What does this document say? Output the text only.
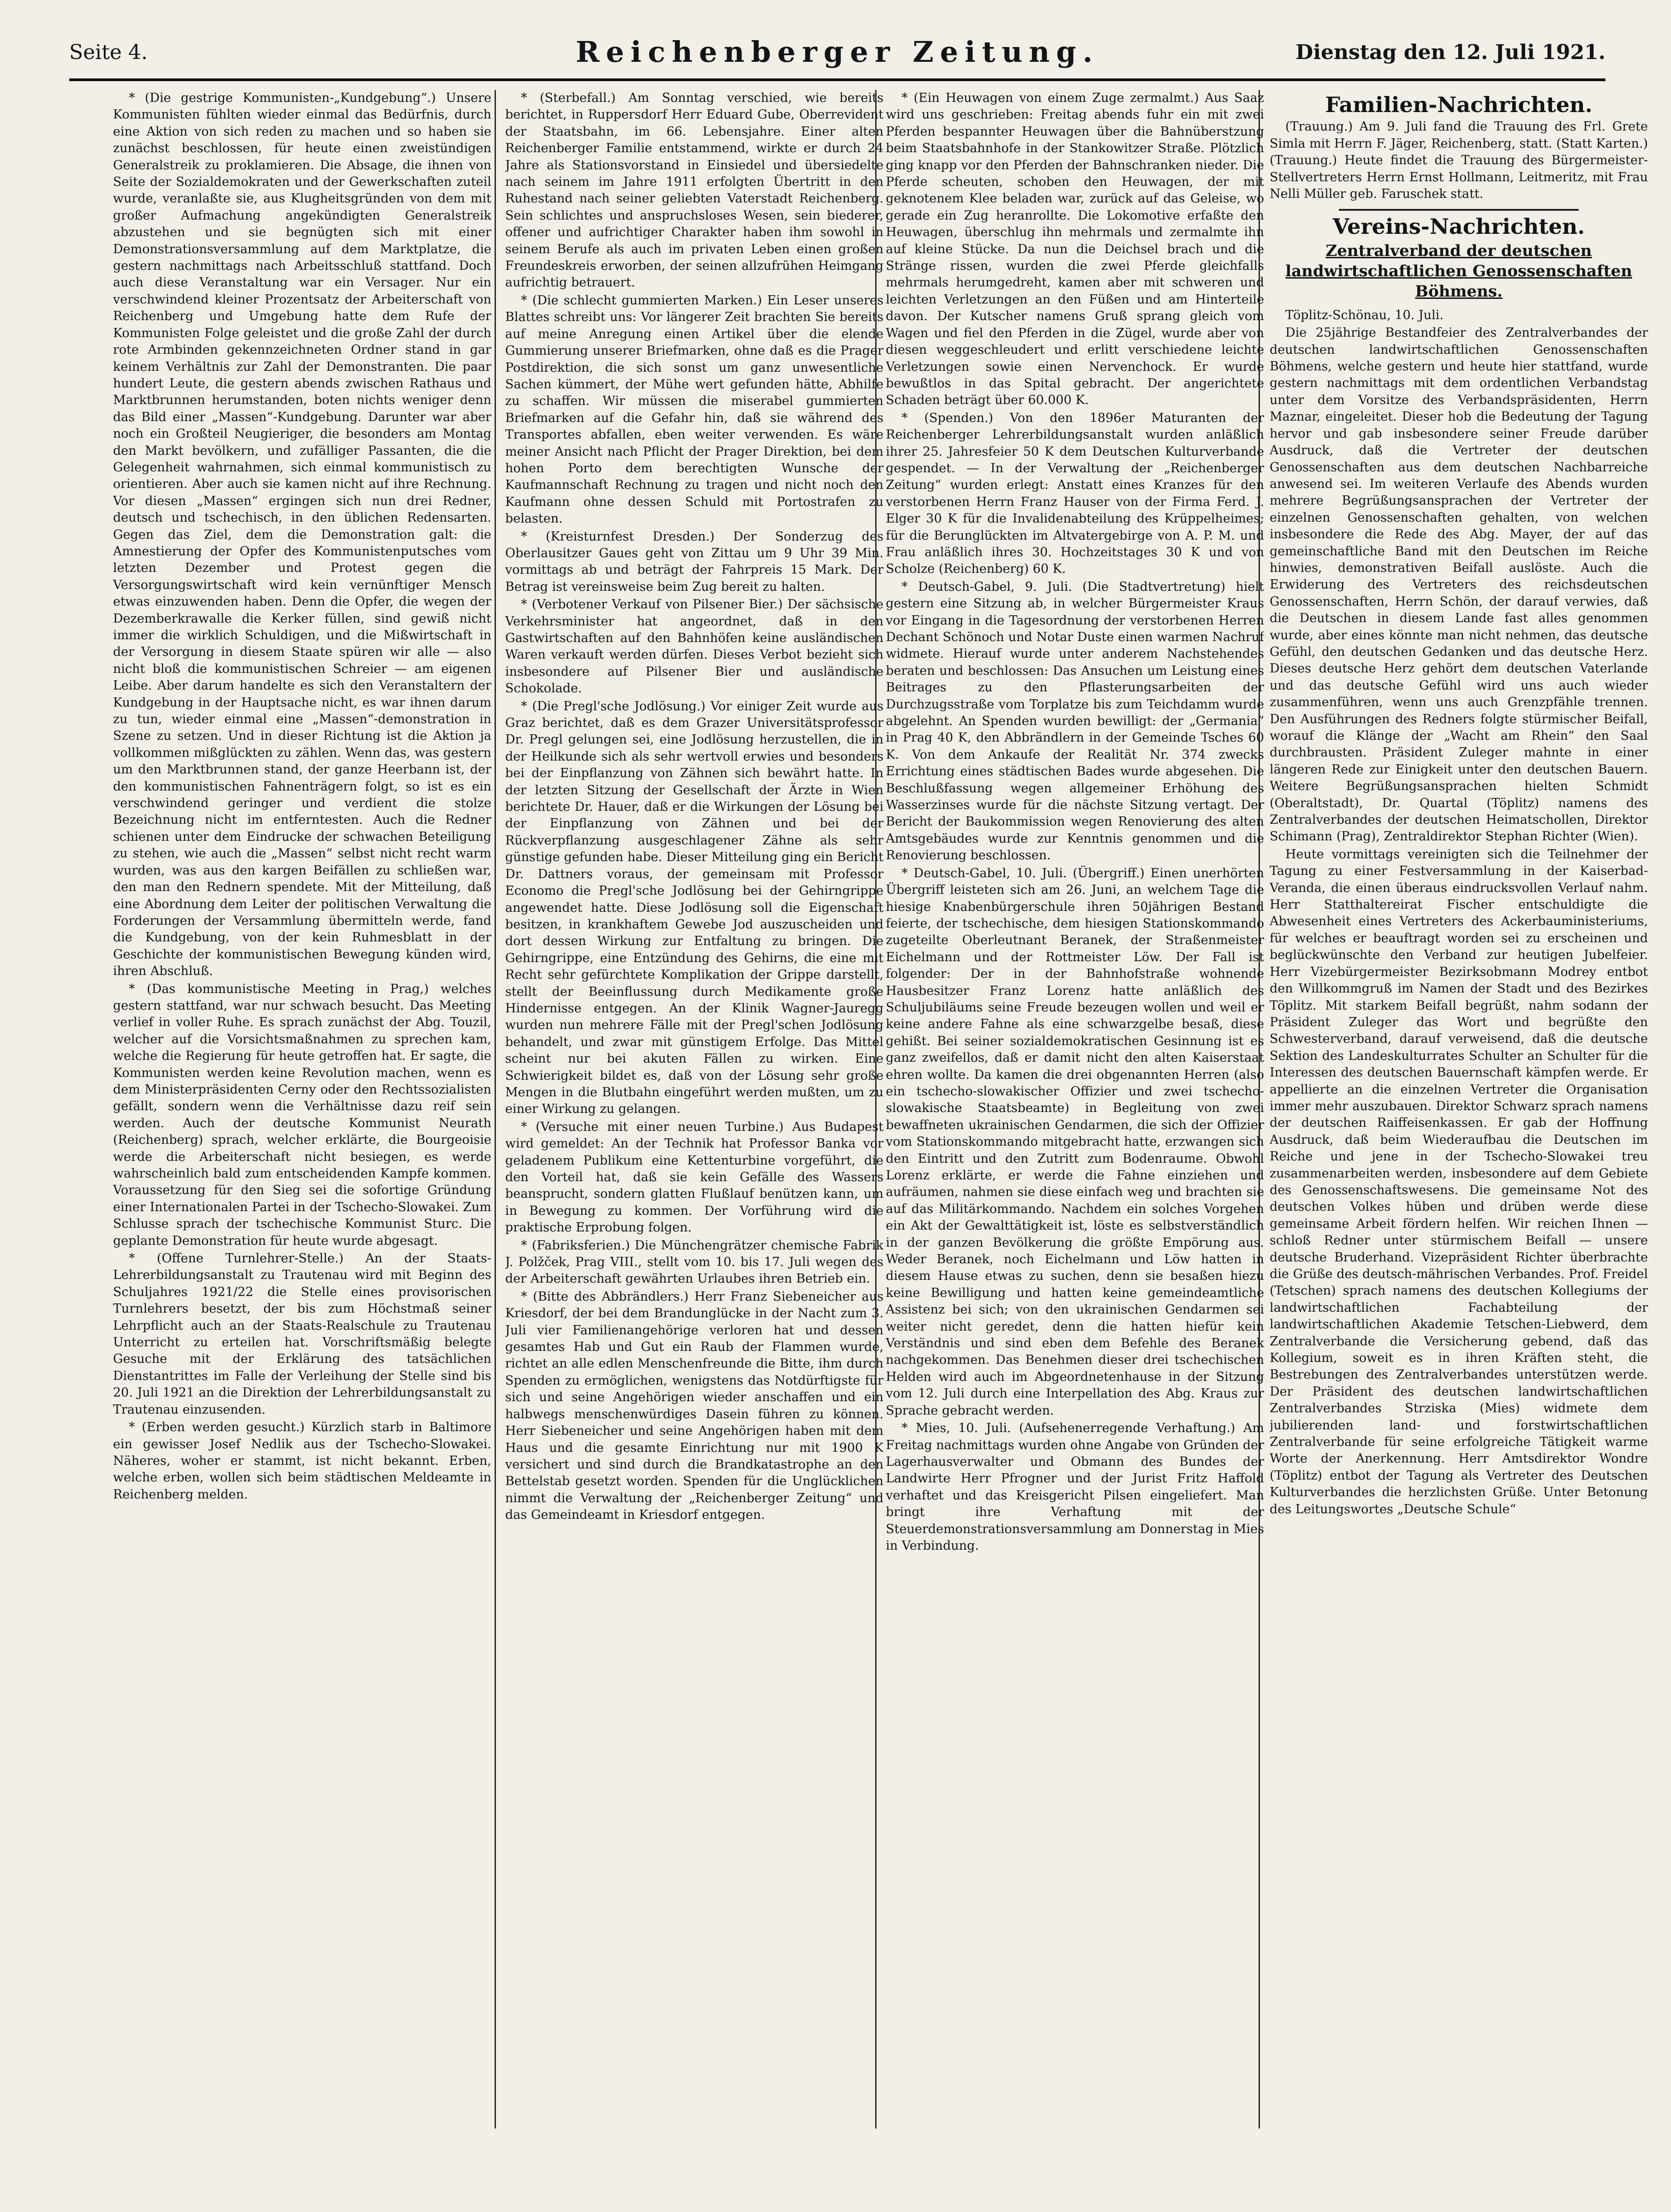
Seite 4.	Reichenberger Zeitung.	Dienstag den 12. Juli 1921.

* (Die gestrige Kommunisten-„Kundgebung“.) Unsere Kommunisten fühlten wieder einmal das Bedürfnis, durch eine Aktion von sich reden zu machen und so haben sie zunächst beschlossen, für heute einen zweistündigen Generalstreik zu proklamieren. Die Absage, die ihnen von Seite der Sozialdemokraten und der Gewerkschaften zuteil wurde, veranlaßte sie, aus Klugheitsgründen von dem mit großer Aufmachung angekündigten Generalstreik abzustehen und sie begnügten sich mit einer Demonstrationsversammlung auf dem Marktplatze, die gestern nachmittags nach Arbeitsschluß stattfand. Doch auch diese Veranstaltung war ein Versager. Nur ein verschwindend kleiner Prozentsatz der Arbeiterschaft von Reichenberg und Umgebung hatte dem Rufe der Kommunisten Folge geleistet und die große Zahl der durch rote Armbinden gekennzeichneten Ordner stand in gar keinem Verhältnis zur Zahl der Demonstranten. Die paar hundert Leute, die gestern abends zwischen Rathaus und Marktbrunnen herumstanden, boten nichts weniger denn das Bild einer „Massen“-Kundgebung. Darunter war aber noch ein Großteil Neugieriger, die besonders am Montag den Markt bevölkern, und zufälliger Passanten, die die Gelegenheit wahrnahmen, sich einmal kommunistisch zu orientieren. Aber auch sie kamen nicht auf ihre Rechnung. Vor diesen „Massen“ ergingen sich nun drei Redner, deutsch und tschechisch, in den üblichen Redensarten. Gegen das Ziel, dem die Demonstration galt: die Amnestierung der Opfer des Kommunistenputsches vom letzten Dezember und Protest gegen die Versorgungswirtschaft wird kein vernünftiger Mensch etwas einzuwenden haben. Denn die Opfer, die wegen der Dezemberkrawalle die Kerker füllen, sind gewiß nicht immer die wirklich Schuldigen, und die Mißwirtschaft in der Versorgung in diesem Staate spüren wir alle — also nicht bloß die kommunistischen Schreier — am eigenen Leibe. Aber darum handelte es sich den Veranstaltern der Kundgebung in der Hauptsache nicht, es war ihnen darum zu tun, wieder einmal eine „Massen“-demonstration in Szene zu setzen. Und in dieser Richtung ist die Aktion ja vollkommen mißglückten zu zählen. Wenn das, was gestern um den Marktbrunnen stand, der ganze Heerbann ist, der den kommunistischen Fahnenträgern folgt, so ist es ein verschwindend geringer und verdient die stolze Bezeichnung nicht im entferntesten. Auch die Redner schienen unter dem Eindrucke der schwachen Beteiligung zu stehen, wie auch die „Massen“ selbst nicht recht warm wurden, was aus den kargen Beifällen zu schließen war, den man den Rednern spendete. Mit der Mitteilung, daß eine Abordnung dem Leiter der politischen Verwaltung die Forderungen der Versammlung übermitteln werde, fand die Kundgebung, von der kein Ruhmesblatt in der Geschichte der kommunistischen Bewegung künden wird, ihren Abschluß.

* (Das kommunistische Meeting in Prag,) welches gestern stattfand, war nur schwach besucht. Das Meeting verlief in voller Ruhe. Es sprach zunächst der Abg. Touzil, welcher auf die Vorsichtsmaßnahmen zu sprechen kam, welche die Regierung für heute getroffen hat. Er sagte, die Kommunisten werden keine Revolution machen, wenn es dem Ministerpräsidenten Cerny oder den Rechtssozialisten gefällt, sondern wenn die Verhältnisse dazu reif sein werden. Auch der deutsche Kommunist Neurath (Reichenberg) sprach, welcher erklärte, die Bourgeoisie werde die Arbeiterschaft nicht besiegen, es werde wahrscheinlich bald zum entscheidenden Kampfe kommen. Voraussetzung für den Sieg sei die sofortige Gründung einer Internationalen Partei in der Tschecho-Slowakei. Zum Schlusse sprach der tschechische Kommunist Sturc. Die geplante Demonstration für heute wurde abgesagt.

* (Offene Turnlehrer-Stelle.) An der Staats-Lehrerbildungsanstalt zu Trautenau wird mit Beginn des Schuljahres 1921/22 die Stelle eines provisorischen Turnlehrers besetzt, der bis zum Höchstmaß seiner Lehrpflicht auch an der Staats-Realschule zu Trautenau Unterricht zu erteilen hat. Vorschriftsmäßig belegte Gesuche mit der Erklärung des tatsächlichen Dienstantrittes im Falle der Verleihung der Stelle sind bis 20. Juli 1921 an die Direktion der Lehrerbildungsanstalt zu Trautenau einzusenden.

* (Erben werden gesucht.) Kürzlich starb in Baltimore ein gewisser Josef Nedlik aus der Tschecho-Slowakei. Näheres, woher er stammt, ist nicht bekannt. Erben, welche erben, wollen sich beim städtischen Meldeamte in Reichenberg melden.

* (Sterbefall.) Am Sonntag verschied, wie bereits berichtet, in Ruppersdorf Herr Eduard Gube, Oberrevident der Staatsbahn, im 66. Lebensjahre. Einer alten Reichenberger Familie entstammend, wirkte er durch 24 Jahre als Stationsvorstand in Einsiedel und übersiedelte nach seinem im Jahre 1911 erfolgten Übertritt in den Ruhestand nach seiner geliebten Vaterstadt Reichenberg. Sein schlichtes und anspruchsloses Wesen, sein biederer, offener und aufrichtiger Charakter haben ihm sowohl in seinem Berufe als auch im privaten Leben einen großen Freundeskreis erworben, der seinen allzufrühen Heimgang aufrichtig betrauert.

* (Die schlecht gummierten Marken.) Ein Leser unseres Blattes schreibt uns: Vor längerer Zeit brachten Sie bereits auf meine Anregung einen Artikel über die elende Gummierung unserer Briefmarken, ohne daß es die Prager Postdirektion, die sich sonst um ganz unwesentliche Sachen kümmert, der Mühe wert gefunden hätte, Abhilfe zu schaffen. Wir müssen die miserabel gummierten Briefmarken auf die Gefahr hin, daß sie während des Transportes abfallen, eben weiter verwenden. Es wäre meiner Ansicht nach Pflicht der Prager Direktion, bei dem hohen Porto dem berechtigten Wunsche der Kaufmannschaft Rechnung zu tragen und nicht noch den Kaufmann ohne dessen Schuld mit Portostrafen zu belasten.

* (Kreisturnfest Dresden.) Der Sonderzug des Oberlausitzer Gaues geht von Zittau um 9 Uhr 39 Min. vormittags ab und beträgt der Fahrpreis 15 Mark. Der Betrag ist vereinsweise beim Zug bereit zu halten.

* (Verbotener Verkauf von Pilsener Bier.) Der sächsische Verkehrsminister hat angeordnet, daß in den Gastwirtschaften auf den Bahnhöfen keine ausländischen Waren verkauft werden dürfen. Dieses Verbot bezieht sich insbesondere auf Pilsener Bier und ausländische Schokolade.

* (Die Pregl'sche Jodlösung.) Vor einiger Zeit wurde aus Graz berichtet, daß es dem Grazer Universitätsprofessor Dr. Pregl gelungen sei, eine Jodlösung herzustellen, die in der Heilkunde sich als sehr wertvoll erwies und besonders bei der Einpflanzung von Zähnen sich bewährt hatte. In der letzten Sitzung der Gesellschaft der Ärzte in Wien berichtete Dr. Hauer, daß er die Wirkungen der Lösung bei der Einpflanzung von Zähnen und bei der Rückverpflanzung ausgeschlagener Zähne als sehr günstige gefunden habe. Dieser Mitteilung ging ein Bericht Dr. Dattners voraus, der gemeinsam mit Professor Economo die Pregl'sche Jodlösung bei der Gehirngrippe angewendet hatte. Diese Jodlösung soll die Eigenschaft besitzen, in krankhaftem Gewebe Jod auszuscheiden und dort dessen Wirkung zur Entfaltung zu bringen. Die Gehirngrippe, eine Entzündung des Gehirns, die eine mit Recht sehr gefürchtete Komplikation der Grippe darstellt, stellt der Beeinflussung durch Medikamente große Hindernisse entgegen. An der Klinik Wagner-Jauregg wurden nun mehrere Fälle mit der Pregl'schen Jodlösung behandelt, und zwar mit günstigem Erfolge. Das Mittel scheint nur bei akuten Fällen zu wirken. Eine Schwierigkeit bildet es, daß von der Lösung sehr große Mengen in die Blutbahn eingeführt werden mußten, um zu einer Wirkung zu gelangen.

* (Versuche mit einer neuen Turbine.) Aus Budapest wird gemeldet: An der Technik hat Professor Banka vor geladenem Publikum eine Kettenturbine vorgeführt, die den Vorteil hat, daß sie kein Gefälle des Wassers beansprucht, sondern glatten Flußlauf benützen kann, um in Bewegung zu kommen. Der Vorführung wird die praktische Erprobung folgen.

* (Fabriksferien.) Die Münchengrätzer chemische Fabrik J. Polžček, Prag VIII., stellt vom 10. bis 17. Juli wegen des der Arbeiterschaft gewährten Urlaubes ihren Betrieb ein.

* (Bitte des Abbrändlers.) Herr Franz Siebeneicher aus Kriesdorf, der bei dem Brandunglücke in der Nacht zum 3. Juli vier Familienangehörige verloren hat und dessen gesamtes Hab und Gut ein Raub der Flammen wurde, richtet an alle edlen Menschenfreunde die Bitte, ihm durch Spenden zu ermöglichen, wenigstens das Notdürftigste für sich und seine Angehörigen wieder anschaffen und ein halbwegs menschenwürdiges Dasein führen zu können. Herr Siebeneicher und seine Angehörigen haben mit dem Haus und die gesamte Einrichtung nur mit 1900 K versichert und sind durch die Brandkatastrophe an den Bettelstab gesetzt worden. Spenden für die Unglücklichen nimmt die Verwaltung der „Reichenberger Zeitung“ und das Gemeindeamt in Kriesdorf entgegen.

* (Ein Heuwagen von einem Zuge zermalmt.) Aus Saaz wird uns geschrieben: Freitag abends fuhr ein mit zwei Pferden bespannter Heuwagen über die Bahnüberstzung beim Staatsbahnhofe in der Stankowitzer Straße. Plötzlich ging knapp vor den Pferden der Bahnschranken nieder. Die Pferde scheuten, schoben den Heuwagen, der mit geknotenem Klee beladen war, zurück auf das Geleise, wo gerade ein Zug heranrollte. Die Lokomotive erfaßte den Heuwagen, überschlug ihn mehrmals und zermalmte ihn auf kleine Stücke. Da nun die Deichsel brach und die Stränge rissen, wurden die zwei Pferde gleichfalls mehrmals herumgedreht, kamen aber mit schweren und leichten Verletzungen an den Füßen und am Hinterteile davon. Der Kutscher namens Gruß sprang gleich vom Wagen und fiel den Pferden in die Zügel, wurde aber von diesen weggeschleudert und erlitt verschiedene leichte Verletzungen sowie einen Nervenchock. Er wurde bewußtlos in das Spital gebracht. Der angerichtete Schaden beträgt über 60.000 K.

* (Spenden.) Von den 1896er Maturanten der Reichenberger Lehrerbildungsanstalt wurden anläßlich ihrer 25. Jahresfeier 50 K dem Deutschen Kulturverbande gespendet. — In der Verwaltung der „Reichenberger Zeitung“ wurden erlegt: Anstatt eines Kranzes für den verstorbenen Herrn Franz Hauser von der Firma Ferd. J. Elger 30 K für die Invalidenabteilung des Krüppelheimes; für die Berunglückten im Altvatergebirge von A. P. M. und Frau anläßlich ihres 30. Hochzeitstages 30 K und von Scholze (Reichenberg) 60 K.

* Deutsch-Gabel, 9. Juli. (Die Stadtvertretung) hielt gestern eine Sitzung ab, in welcher Bürgermeister Kraus vor Eingang in die Tagesordnung der verstorbenen Herren Dechant Schönoch und Notar Duste einen warmen Nachruf widmete. Hierauf wurde unter anderem Nachstehendes beraten und beschlossen: Das Ansuchen um Leistung eines Beitrages zu den Pflasterungsarbeiten der Durchzugsstraße vom Torplatze bis zum Teichdamm wurde abgelehnt. An Spenden wurden bewilligt: der „Germania“ in Prag 40 K, den Abbrändlern in der Gemeinde Tsches 60 K. Von dem Ankaufe der Realität Nr. 374 zwecks Errichtung eines städtischen Bades wurde abgesehen. Die Beschlußfassung wegen allgemeiner Erhöhung des Wasserzinses wurde für die nächste Sitzung vertagt. Der Bericht der Baukommission wegen Renovierung des alten Amtsgebäudes wurde zur Kenntnis genommen und die Renovierung beschlossen.

* Deutsch-Gabel, 10. Juli. (Übergriff.) Einen unerhörten Übergriff leisteten sich am 26. Juni, an welchem Tage die hiesige Knabenbürgerschule ihren 50jährigen Bestand feierte, der tschechische, dem hiesigen Stationskommando zugeteilte Oberleutnant Beranek, der Straßenmeister Eichelmann und der Rottmeister Löw. Der Fall ist folgender: Der in der Bahnhofstraße wohnende Hausbesitzer Franz Lorenz hatte anläßlich des Schuljubiläums seine Freude bezeugen wollen und weil er keine andere Fahne als eine schwarzgelbe besaß, diese gehißt. Bei seiner sozialdemokratischen Gesinnung ist es ganz zweifellos, daß er damit nicht den alten Kaiserstaat ehren wollte. Da kamen die drei obgenannten Herren (also ein tschecho-slowakischer Offizier und zwei tschecho-slowakische Staatsbeamte) in Begleitung von zwei bewaffneten ukrainischen Gendarmen, die sich der Offizier vom Stationskommando mitgebracht hatte, erzwangen sich den Eintritt und den Zutritt zum Bodenraume. Obwohl Lorenz erklärte, er werde die Fahne einziehen und aufräumen, nahmen sie diese einfach weg und brachten sie auf das Militärkommando. Nachdem ein solches Vorgehen ein Akt der Gewalttätigkeit ist, löste es selbstverständlich in der ganzen Bevölkerung die größte Empörung aus. Weder Beranek, noch Eichelmann und Löw hatten in diesem Hause etwas zu suchen, denn sie besaßen hiezu keine Bewilligung und hatten keine gemeindeamtliche Assistenz bei sich; von den ukrainischen Gendarmen sei weiter nicht geredet, denn die hatten hiefür kein Verständnis und sind eben dem Befehle des Beranek nachgekommen. Das Benehmen dieser drei tschechischen Helden wird auch im Abgeordnetenhause in der Sitzung vom 12. Juli durch eine Interpellation des Abg. Kraus zur Sprache gebracht werden.

* Mies, 10. Juli. (Aufsehenerregende Verhaftung.) Am Freitag nachmittags wurden ohne Angabe von Gründen der Lagerhausverwalter und Obmann des Bundes der Landwirte Herr Pfrogner und der Jurist Fritz Haffold verhaftet und das Kreisgericht Pilsen eingeliefert. Man bringt ihre Verhaftung mit der Steuerdemonstrationsversammlung am Donnerstag in Mies in Verbindung.

Familien-Nachrichten.

(Trauung.) Am 9. Juli fand die Trauung des Frl. Grete Simla mit Herrn F. Jäger, Reichenberg, statt. (Statt Karten.) (Trauung.) Heute findet die Trauung des Bürgermeister-Stellvertreters Herrn Ernst Hollmann, Leitmeritz, mit Frau Nelli Müller geb. Faruschek statt.

Vereins-Nachrichten.
Zentralverband der deutschen landwirtschaftlichen Genossenschaften Böhmens.

Töplitz-Schönau, 10. Juli.

Die 25jährige Bestandfeier des Zentralverbandes der deutschen landwirtschaftlichen Genossenschaften Böhmens, welche gestern und heute hier stattfand, wurde gestern nachmittags mit dem ordentlichen Verbandstag unter dem Vorsitze des Verbandspräsidenten, Herrn Maznar, eingeleitet. Dieser hob die Bedeutung der Tagung hervor und gab insbesondere seiner Freude darüber Ausdruck, daß die Vertreter der deutschen Genossenschaften aus dem deutschen Nachbarreiche anwesend sei. Im weiteren Verlaufe des Abends wurden mehrere Begrüßungsansprachen der Vertreter der einzelnen Genossenschaften gehalten, von welchen insbesondere die Rede des Abg. Mayer, der auf das gemeinschaftliche Band mit den Deutschen im Reiche hinwies, demonstrativen Beifall auslöste. Auch die Erwiderung des Vertreters des reichsdeutschen Genossenschaften, Herrn Schön, der darauf verwies, daß die Deutschen in diesem Lande fast alles genommen wurde, aber eines könnte man nicht nehmen, das deutsche Gefühl, den deutschen Gedanken und das deutsche Herz. Dieses deutsche Herz gehört dem deutschen Vaterlande und das deutsche Gefühl wird uns auch wieder zusammenführen, wenn uns auch Grenzpfähle trennen. Den Ausführungen des Redners folgte stürmischer Beifall, worauf die Klänge der „Wacht am Rhein“ den Saal durchbrausten. Präsident Zuleger mahnte in einer längeren Rede zur Einigkeit unter den deutschen Bauern. Weitere Begrüßungsansprachen hielten Schmidt (Oberaltstadt), Dr. Quartal (Töplitz) namens des Zentralverbandes der deutschen Heimatschollen, Direktor Schimann (Prag), Zentraldirektor Stephan Richter (Wien).

Heute vormittags vereinigten sich die Teilnehmer der Tagung zu einer Festversammlung in der Kaiserbad-Veranda, die einen überaus eindrucksvollen Verlauf nahm. Herr Statthaltereirat Fischer entschuldigte die Abwesenheit eines Vertreters des Ackerbauministeriums, für welches er beauftragt worden sei zu erscheinen und beglückwünschte den Verband zur heutigen Jubelfeier. Herr Vizebürgermeister Bezirksobmann Modrey entbot den Willkommgruß im Namen der Stadt und des Bezirkes Töplitz. Mit starkem Beifall begrüßt, nahm sodann der Präsident Zuleger das Wort und begrüßte den Schwesterverband, darauf verweisend, daß die deutsche Sektion des Landeskulturrates Schulter an Schulter für die Interessen des deutschen Bauernschaft kämpfen werde. Er appellierte an die einzelnen Vertreter die Organisation immer mehr auszubauen. Direktor Schwarz sprach namens der deutschen Raiffeisenkassen. Er gab der Hoffnung Ausdruck, daß beim Wiederaufbau die Deutschen im Reiche und jene in der Tschecho-Slowakei treu zusammenarbeiten werden, insbesondere auf dem Gebiete des Genossenschaftswesens. Die gemeinsame Not des deutschen Volkes hüben und drüben werde diese gemeinsame Arbeit fördern helfen. Wir reichen Ihnen — schloß Redner unter stürmischem Beifall — unsere deutsche Bruderhand. Vizepräsident Richter überbrachte die Grüße des deutsch-mährischen Verbandes. Prof. Freidel (Tetschen) sprach namens des deutschen Kollegiums der landwirtschaftlichen Fachabteilung der landwirtschaftlichen Akademie Tetschen-Liebwerd, dem Zentralverbande die Versicherung gebend, daß das Kollegium, soweit es in ihren Kräften steht, die Bestrebungen des Zentralverbandes unterstützen werde. Der Präsident des deutschen landwirtschaftlichen Zentralverbandes Strziska (Mies) widmete dem jubilierenden land- und forstwirtschaftlichen Zentralverbande für seine erfolgreiche Tätigkeit warme Worte der Anerkennung. Herr Amtsdirektor Wondre (Töplitz) entbot der Tagung als Vertreter des Deutschen Kulturverbandes die herzlichsten Grüße. Unter Betonung des Leitungswortes „Deutsche Schule“
